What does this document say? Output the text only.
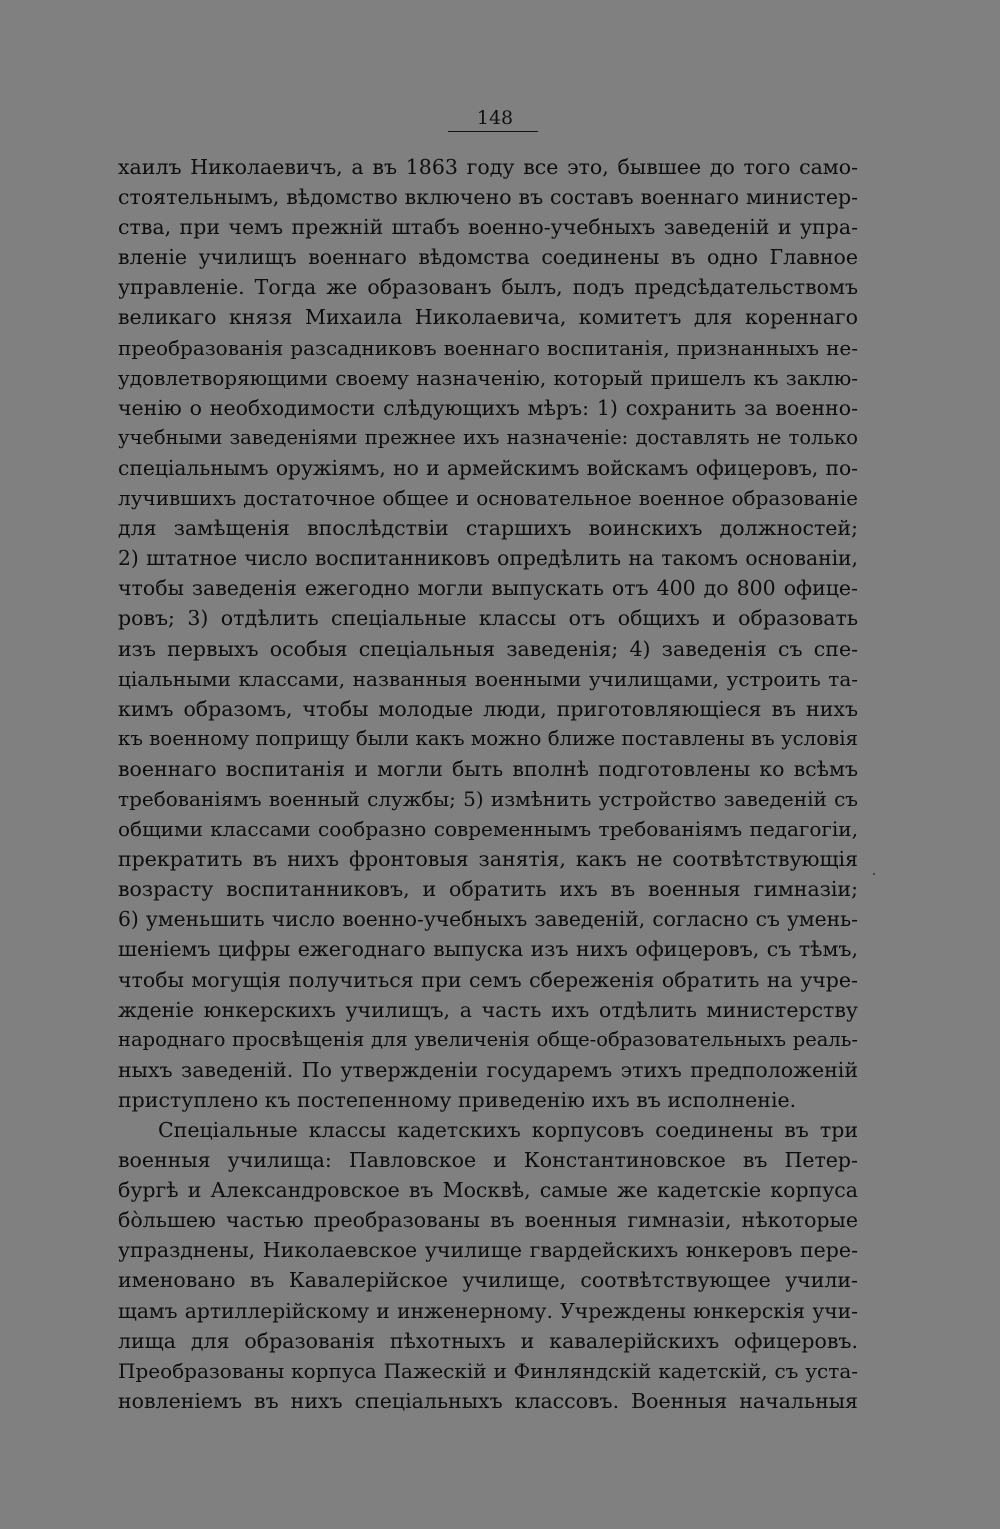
148
хаилъ Николаевичъ, а въ 1863 году все это, бывшее до того само-
стоятельнымъ, вѣдомство включено въ составъ военнаго министер-
ства, при чемъ прежній штабъ военно-учебныхъ заведеній и упра-
вленіе училищъ военнаго вѣдомства соединены въ одно Главное
управленіе. Тогда же образованъ былъ, подъ предсѣдательствомъ
великаго князя Михаила Николаевича, комитетъ для кореннаго
преобразованія разсадниковъ военнаго воспитанія, признанныхъ не-
удовлетворяющими своему назначенію, который пришелъ къ заклю-
ченію о необходимости слѣдующихъ мѣръ: 1) сохранить за военно-
учебными заведеніями прежнее ихъ назначеніе: доставлять не только
спеціальнымъ оружіямъ, но и армейскимъ войскамъ офицеровъ, по-
лучившихъ достаточное общее и основательное военное образованіе
для замѣщенія впослѣдствіи старшихъ воинскихъ должностей;
2) штатное число воспитанниковъ опредѣлить на такомъ основаніи,
чтобы заведенія ежегодно могли выпускать отъ 400 до 800 офице-
ровъ; 3) отдѣлить спеціальные классы отъ общихъ и образовать
изъ первыхъ особыя спеціальныя заведенія; 4) заведенія съ спе-
ціальными классами, названныя военными училищами, устроить та-
кимъ образомъ, чтобы молодые люди, приготовляющіеся въ нихъ
къ военному поприщу были какъ можно ближе поставлены въ условія
военнаго воспитанія и могли быть вполнѣ подготовлены ко всѣмъ
требованіямъ военный службы; 5) измѣнить устройство заведеній съ
общими классами сообразно современнымъ требованіямъ педагогіи,
прекратить въ нихъ фронтовыя занятія, какъ не соотвѣтствующія
возрасту воспитанниковъ, и обратить ихъ въ военныя гимназіи;
6) уменьшить число военно-учебныхъ заведеній, согласно съ умень-
шеніемъ цифры ежегоднаго выпуска изъ нихъ офицеровъ, съ тѣмъ,
чтобы могущія получиться при семъ сбереженія обратить на учре-
жденіе юнкерскихъ училищъ, а часть ихъ отдѣлить министерству
народнаго просвѣщенія для увеличенія обще-образовательныхъ реаль-
ныхъ заведеній. По утвержденіи государемъ этихъ предположеній
приступлено къ постепенному приведенію ихъ въ исполненіе.
Спеціальные классы кадетскихъ корпусовъ соединены въ три
военныя училища: Павловское и Константиновское въ Петер-
бургѣ и Александровское въ Москвѣ, самые же кадетскіе корпуса
бо̀льшею частью преобразованы въ военныя гимназіи, нѣкоторые
упразднены, Николаевское училище гвардейскихъ юнкеровъ пере-
именовано въ Кавалерійское училище, соотвѣтствующее учили-
щамъ артиллерійскому и инженерному. Учреждены юнкерскія учи-
лища для образованія пѣхотныхъ и кавалерійскихъ офицеровъ.
Преобразованы корпуса Пажескій и Финляндскій кадетскій, съ уста-
новленіемъ въ нихъ спеціальныхъ классовъ. Военныя начальныя
